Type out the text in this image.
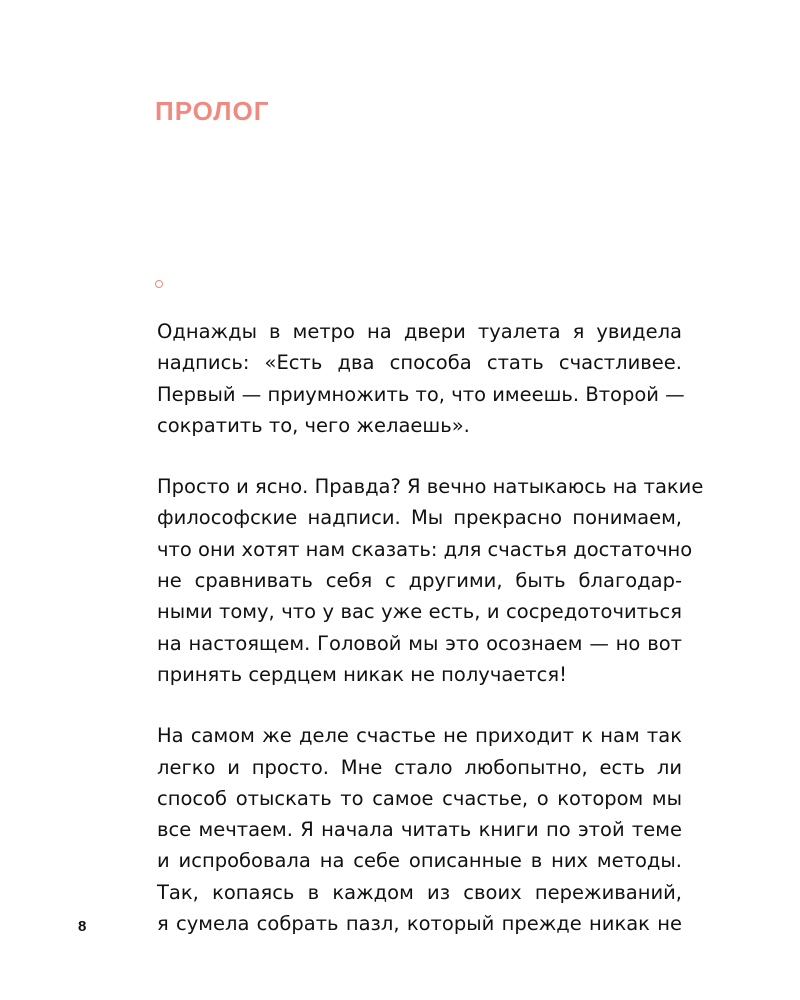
ПРОЛОГ

Однажды в метро на двери туалета я увидела
надпись: «Есть два способа стать счастливее.
Первый — приумножить то, что имеешь. Второй —
сократить то, чего желаешь».

Просто и ясно. Правда? Я вечно натыкаюсь на такие
философские надписи. Мы прекрасно понимаем,
что они хотят нам сказать: для счастья достаточно
не сравнивать себя с другими, быть благодар-
ными тому, что у вас уже есть, и сосредоточиться
на настоящем. Головой мы это осознаем — но вот
принять сердцем никак не получается!

На самом же деле счастье не приходит к нам так
легко и просто. Мне стало любопытно, есть ли
способ отыскать то самое счастье, о котором мы
все мечтаем. Я начала читать книги по этой теме
и испробовала на себе описанные в них методы.
Так, копаясь в каждом из своих переживаний,
я сумела собрать пазл, который прежде никак не

8
